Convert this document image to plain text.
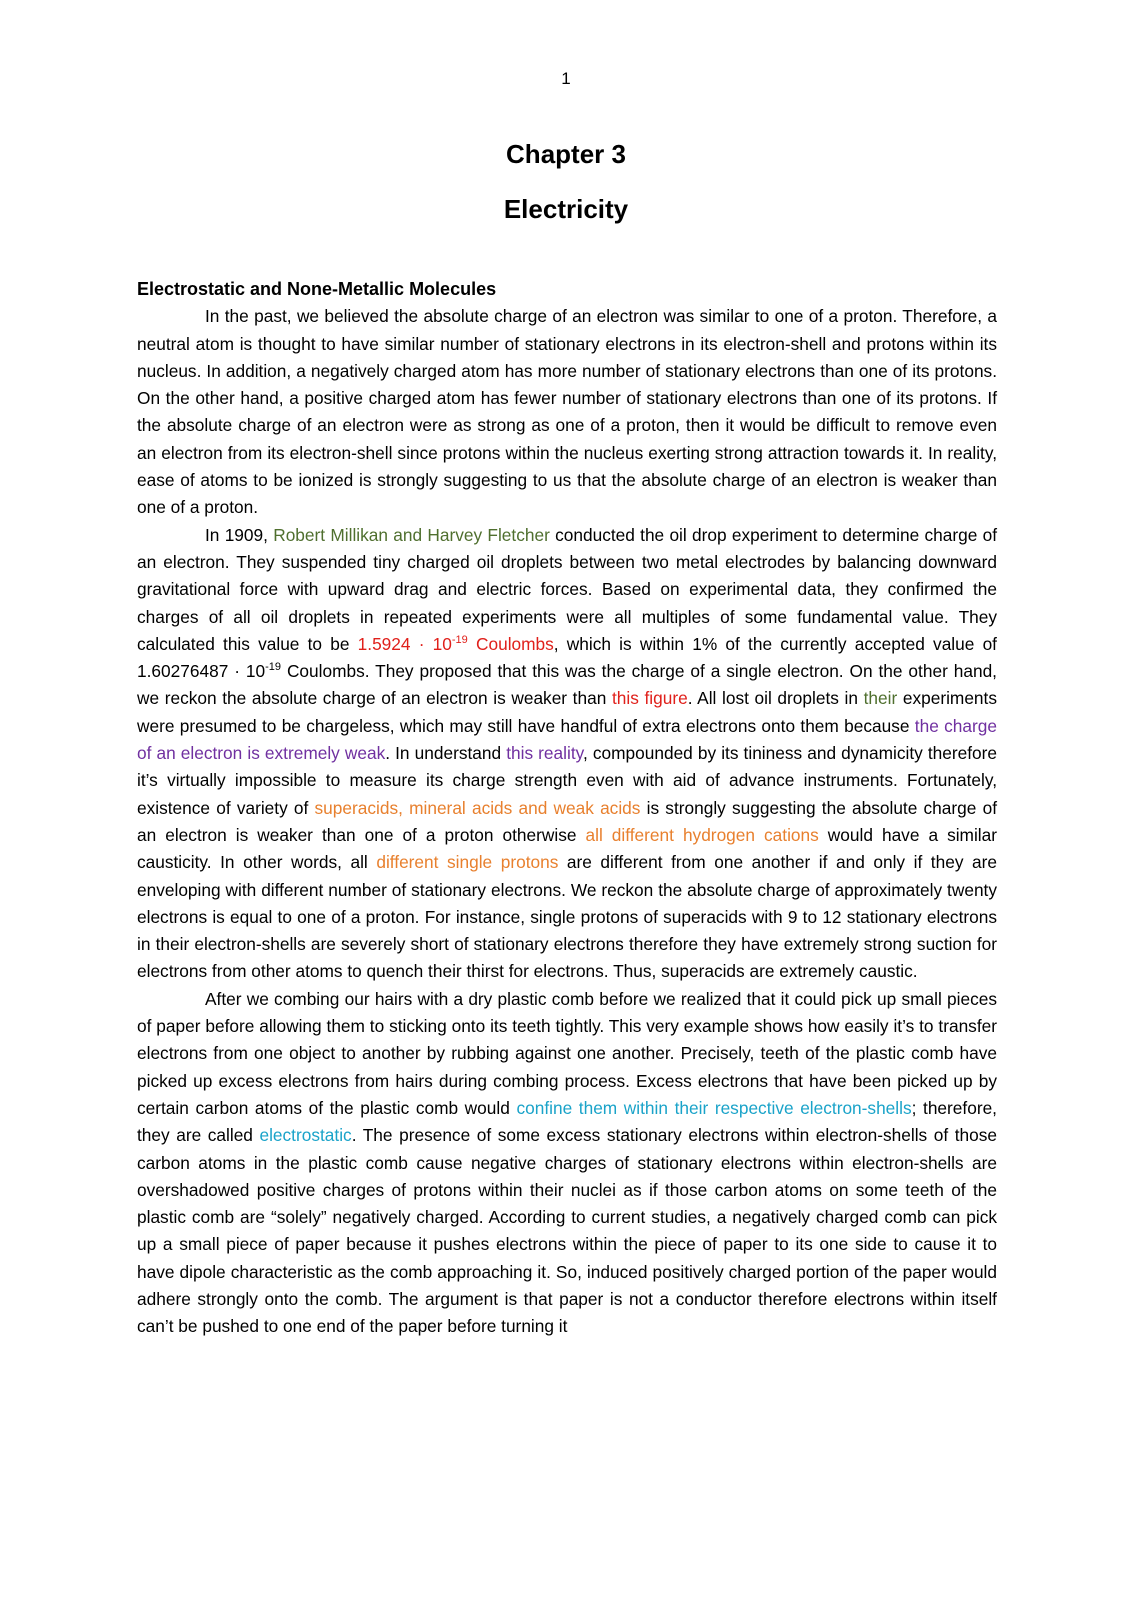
1
Chapter 3
Electricity
Electrostatic and None-Metallic Molecules

In the past, we believed the absolute charge of an electron was similar to one of a proton. Therefore, a neutral atom is thought to have similar number of stationary electrons in its electron-shell and protons within its nucleus. In addition, a negatively charged atom has more number of stationary electrons than one of its protons. On the other hand, a positive charged atom has fewer number of stationary electrons than one of its protons. If the absolute charge of an electron were as strong as one of a proton, then it would be difficult to remove even an electron from its electron-shell since protons within the nucleus exerting strong attraction towards it. In reality, ease of atoms to be ionized is strongly suggesting to us that the absolute charge of an electron is weaker than one of a proton.

In 1909, Robert Millikan and Harvey Fletcher conducted the oil drop experiment to determine charge of an electron. They suspended tiny charged oil droplets between two metal electrodes by balancing downward gravitational force with upward drag and electric forces. Based on experimental data, they confirmed the charges of all oil droplets in repeated experiments were all multiples of some fundamental value. They calculated this value to be $1.5924 \cdot 10^{-19}$ Coulombs, which is within 1% of the currently accepted value of $1.60276487 \cdot 10^{-19}$ Coulombs. They proposed that this was the charge of a single electron. On the other hand, we reckon the absolute charge of an electron is weaker than this figure. All lost oil droplets in their experiments were presumed to be chargeless, which may still have handful of extra electrons onto them because the charge of an electron is extremely weak. In understand this reality, compounded by its tininess and dynamicity therefore it’s virtually impossible to measure its charge strength even with aid of advance instruments. Fortunately, existence of variety of superacids, mineral acids and weak acids is strongly suggesting the absolute charge of an electron is weaker than one of a proton otherwise all different hydrogen cations would have a similar causticity. In other words, all different single protons are different from one another if and only if they are enveloping with different number of stationary electrons. We reckon the absolute charge of approximately twenty electrons is equal to one of a proton. For instance, single protons of superacids with 9 to 12 stationary electrons in their electron-shells are severely short of stationary electrons therefore they have extremely strong suction for electrons from other atoms to quench their thirst for electrons. Thus, superacids are extremely caustic.

After we combing our hairs with a dry plastic comb before we realized that it could pick up small pieces of paper before allowing them to sticking onto its teeth tightly. This very example shows how easily it’s to transfer electrons from one object to another by rubbing against one another. Precisely, teeth of the plastic comb have picked up excess electrons from hairs during combing process. Excess electrons that have been picked up by certain carbon atoms of the plastic comb would confine them within their respective electron-shells; therefore, they are called electrostatic. The presence of some excess stationary electrons within electron-shells of those carbon atoms in the plastic comb cause negative charges of stationary electrons within electron-shells are overshadowed positive charges of protons within their nuclei as if those carbon atoms on some teeth of the plastic comb are “solely” negatively charged. According to current studies, a negatively charged comb can pick up a small piece of paper because it pushes electrons within the piece of paper to its one side to cause it to have dipole characteristic as the comb approaching it. So, induced positively charged portion of the paper would adhere strongly onto the comb. The argument is that paper is not a conductor therefore electrons within itself can’t be pushed to one end of the paper before turning it
